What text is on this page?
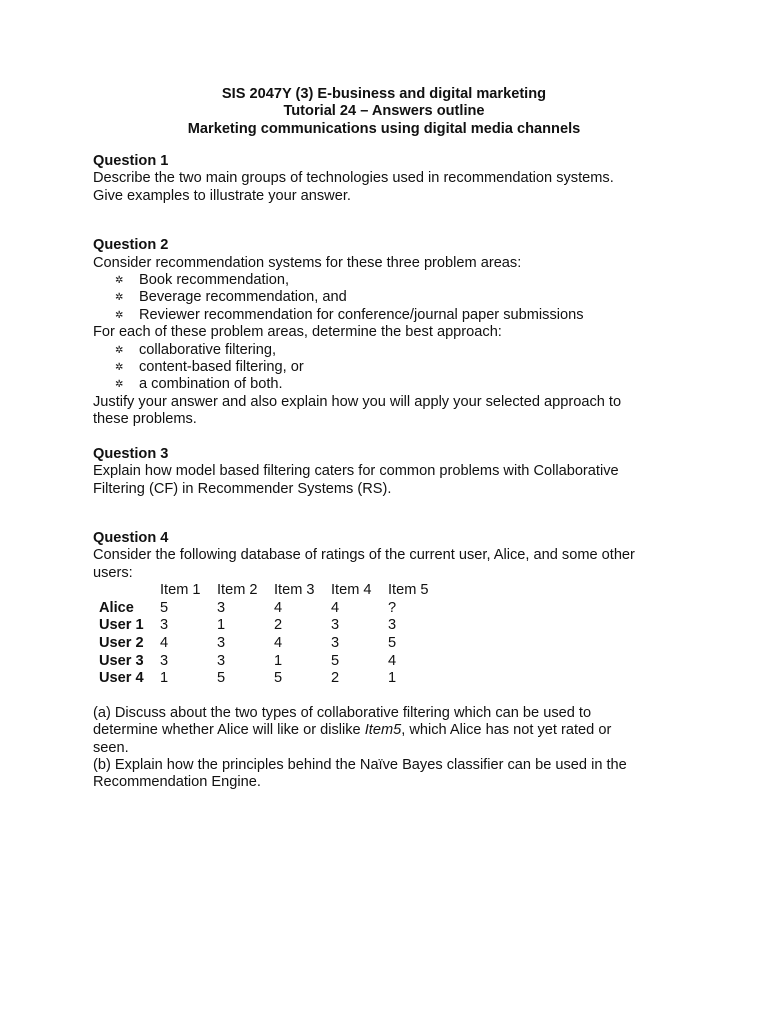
SIS 2047Y (3) E-business and digital marketing
Tutorial 24 – Answers outline
Marketing communications using digital media channels
Question 1
Describe the two main groups of technologies used in recommendation systems.
Give examples to illustrate your answer.
Question 2
Consider recommendation systems for these three problem areas:
✲ Book recommendation,
✲ Beverage recommendation, and
✲ Reviewer recommendation for conference/journal paper submissions
For each of these problem areas, determine the best approach:
✲ collaborative filtering,
✲ content-based filtering, or
✲ a combination of both.
Justify your answer and also explain how you will apply your selected approach to
these problems.
Question 3
Explain how model based filtering caters for common problems with Collaborative
Filtering (CF) in Recommender Systems (RS).
Question 4
Consider the following database of ratings of the current user, Alice, and some other
users:
	Item 1	Item 2	Item 3	Item 4	Item 5
Alice	5	3	4	4	?
User 1	3	1	2	3	3
User 2	4	3	4	3	5
User 3	3	3	1	5	4
User 4	1	5	5	2	1
(a) Discuss about the two types of collaborative filtering which can be used to
determine whether Alice will like or dislike Item5, which Alice has not yet rated or
seen.
(b) Explain how the principles behind the Naïve Bayes classifier can be used in the
Recommendation Engine.
